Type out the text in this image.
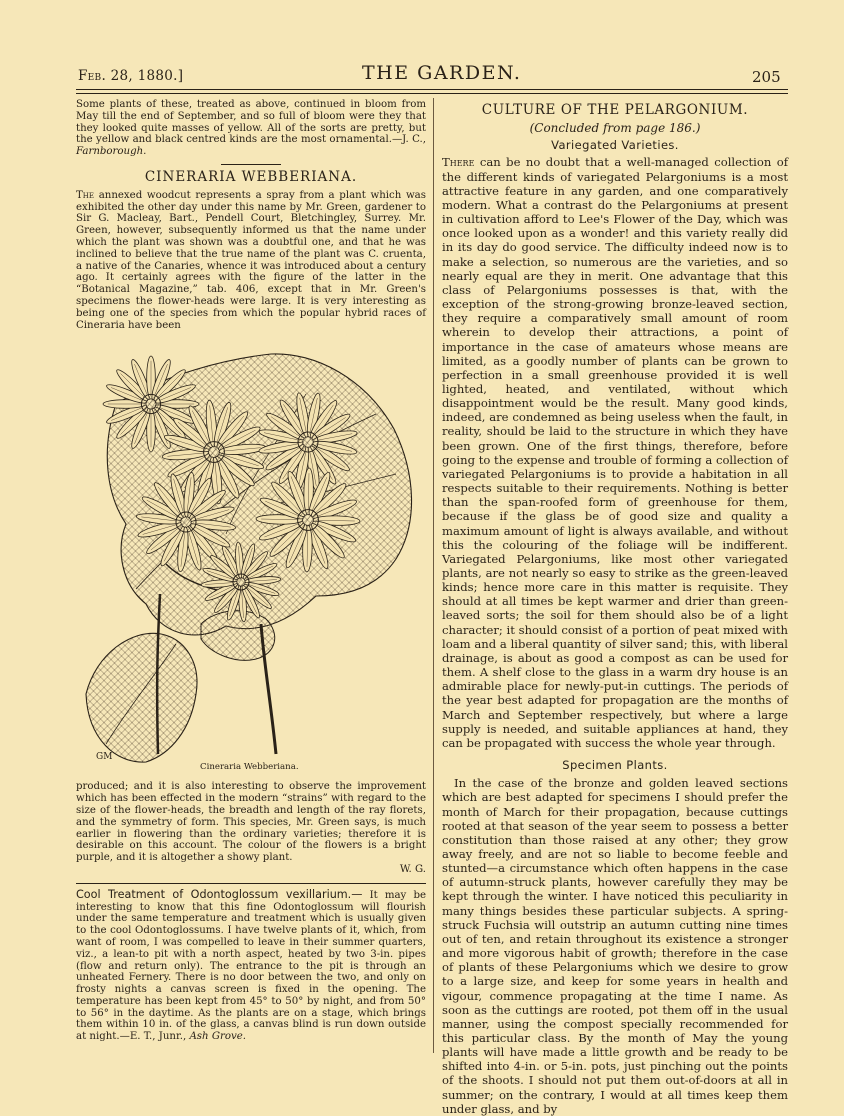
Feb. 28, 1880.]	THE GARDEN.	205

Some plants of these, treated as above, continued in bloom from May till the end of September, and so full of bloom were they that they looked quite masses of yellow. All of the sorts are pretty, but the yellow and black centred kinds are the most ornamental.—J. C., Farnborough.

CINERARIA WEBBERIANA.

The annexed woodcut represents a spray from a plant which was exhibited the other day under this name by Mr. Green, gardener to Sir G. Macleay, Bart., Pendell Court, Bletchingley, Surrey. Mr. Green, however, subsequently informed us that the name under which the plant was shown was a doubtful one, and that he was inclined to believe that the true name of the plant was C. cruenta, a native of the Canaries, whence it was introduced about a century ago. It certainly agrees with the figure of the latter in the “Botanical Magazine,” tab. 406, except that in Mr. Green's specimens the flower-heads were large. It is very interesting as being one of the species from which the popular hybrid races of Cineraria have been

GM
Cineraria Webberiana.

produced; and it is also interesting to observe the improvement which has been effected in the modern “strains” with regard to the size of the flower-heads, the breadth and length of the ray florets, and the symmetry of form. This species, Mr. Green says, is much earlier in flowering than the ordinary varieties; therefore it is desirable on this account. The colour of the flowers is a bright purple, and it is altogether a showy plant.

W. G.

Cool Treatment of Odontoglossum vexillarium.— It may be interesting to know that this fine Odontoglossum will flourish under the same temperature and treatment which is usually given to the cool Odontoglossums. I have twelve plants of it, which, from want of room, I was compelled to leave in their summer quarters, viz., a lean-to pit with a north aspect, heated by two 3-in. pipes (flow and return only). The entrance to the pit is through an unheated Fernery. There is no door between the two, and only on frosty nights a canvas screen is fixed in the opening. The temperature has been kept from 45° to 50° by night, and from 50° to 56° in the daytime. As the plants are on a stage, which brings them within 10 in. of the glass, a canvas blind is run down outside at night.—E. T., Junr., Ash Grove.

CULTURE OF THE PELARGONIUM.
(Concluded from page 186.)
Variegated Varieties.

There can be no doubt that a well-managed collection of the different kinds of variegated Pelargoniums is a most attractive feature in any garden, and one comparatively modern. What a contrast do the Pelargoniums at present in cultivation afford to Lee's Flower of the Day, which was once looked upon as a wonder! and this variety really did in its day do good service. The difficulty indeed now is to make a selection, so numerous are the varieties, and so nearly equal are they in merit. One advantage that this class of Pelargoniums possesses is that, with the exception of the strong-growing bronze-leaved section, they require a comparatively small amount of room wherein to develop their attractions, a point of importance in the case of amateurs whose means are limited, as a goodly number of plants can be grown to perfection in a small greenhouse provided it is well lighted, heated, and ventilated, without which disappointment would be the result. Many good kinds, indeed, are condemned as being useless when the fault, in reality, should be laid to the structure in which they have been grown. One of the first things, therefore, before going to the expense and trouble of forming a collection of variegated Pelargoniums is to provide a habitation in all respects suitable to their requirements. Nothing is better than the span-roofed form of greenhouse for them, because if the glass be of good size and quality a maximum amount of light is always available, and without this the colouring of the foliage will be indifferent. Variegated Pelargoniums, like most other variegated plants, are not nearly so easy to strike as the green-leaved kinds; hence more care in this matter is requisite. They should at all times be kept warmer and drier than green-leaved sorts; the soil for them should also be of a light character; it should consist of a portion of peat mixed with loam and a liberal quantity of silver sand; this, with liberal drainage, is about as good a compost as can be used for them. A shelf close to the glass in a warm dry house is an admirable place for newly-put-in cuttings. The periods of the year best adapted for propagation are the months of March and September respectively, but where a large supply is needed, and suitable appliances at hand, they can be propagated with success the whole year through.

Specimen Plants.

In the case of the bronze and golden leaved sections which are best adapted for specimens I should prefer the month of March for their propagation, because cuttings rooted at that season of the year seem to possess a better constitution than those raised at any other; they grow away freely, and are not so liable to become feeble and stunted—a circumstance which often happens in the case of autumn-struck plants, however carefully they may be kept through the winter. I have noticed this peculiarity in many things besides these particular subjects. A spring-struck Fuchsia will outstrip an autumn cutting nine times out of ten, and retain throughout its existence a stronger and more vigorous habit of growth; therefore in the case of plants of these Pelargoniums which we desire to grow to a large size, and keep for some years in health and vigour, commence propagating at the time I name. As soon as the cuttings are rooted, pot them off in the usual manner, using the compost specially recommended for this particular class. By the month of May the young plants will have made a little growth and be ready to be shifted into 4-in. or 5-in. pots, just pinching out the points of the shoots. I should not put them out-of-doors at all in summer; on the contrary, I would at all times keep them under glass, and by
